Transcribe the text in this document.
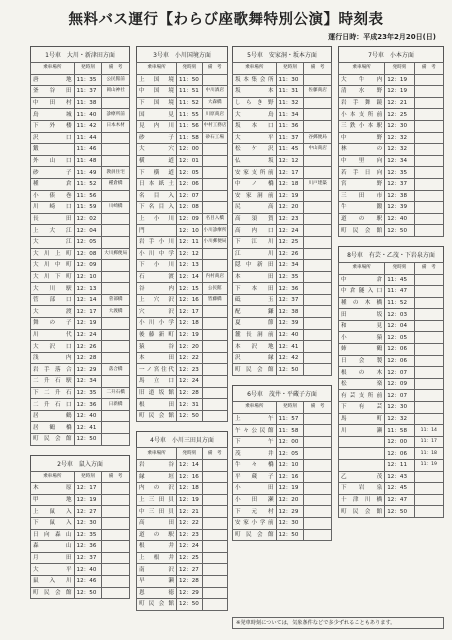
無料バス運行【わらび座歌舞特別公演】時刻表
運行日時：平成23年2月20日(日)
1号車　大川・新津田方面
乗車場所	発時刻	備　考
唐地	11：35	公民館前
釜谷田	11：37	岡山神社
中田村	11：38	
鳥　城	11：40	診療所前
下外楼	11：42	日本木材
沢　口	11：44	
鍛	11：46	
外山口	11：48	
砂　子	11：49	教員住宅
種　倉	11：52	種倉橋
小俵巻	11：56	
川崎口	11：59	川崎橋
長　田	12：02	
上大江	12：04	
大　江	12：05	
大川上町	12：08	大川郵便局
大川中町	12：09	
大川下町	12：10	
大川駅	12：13	
菅部口	12：14	菅部橋
大　渡	12：17	大渡橋
舞の子	12：19	
川　代	12：24	
大沢口	12：26	
浅　内	12：28	
岩手落合	12：29	落合橋
二升石駅	12：34	
下二升石	12：35	二升石橋
二升石口	12：36	日新橋
居　鶴	12：40	
居鶴橋	12：41	
町民会館	12：50	
2号車　鼠入方面
乗車場所	発時刻	備　考
木　原	12：17	
甲　地	12：19	
上鼠入	12：27	
下鼠入	12：30	
日向森山	12：35	
森　山	12：36	
月　田	12：37	
大　平	12：40	
鼠入川	12：46	
町民会館	12：50	
3号車　小川国境方面
乗車場所	発時刻	備　考
上国境	11：50	
中国境	11：51	中川酒店
下国境	11：52	大森橋
国　見	11：55	川原商店
見内川	11：56	中村工務店
砂　子	11：58	砂石工場
大　穴	12：00	
横　道	12：01	
下横道	12：05	
日本紙土	12：06	
名目入	12：07	
下名目入	12：08	
上小川	12：09	名目入橋
門	12：10	小川診療所
岩手小川	12：11	小川郵便局
小川中学	12：12	
下小川	12：13	
石　渡	12：14	内村商店
谷　内	12：15	公民館
上穴沢	12：16	皆藤橋
穴　沢	12：17	
小川小学	12：18	
後藤新町	12：19	
猿　谷	12：20	
本　田	12：22	
一ノ宮住代	12：23	
馬立口	12：24	
旧道坂館	12：28	
根　田	12：31	
町民会館	12：50	
4号車　小川三田貝方面
乗車場所	発時刻	備　考
岩　谷	12：14	
縁　垣	12：16	
内の沢	12：18	
上三田貝	12：19	
中三田貝	12：21	
高　田	12：22	
道の駅	12：23	
根　井	12：24	
上根井	12：25	
南　沢	12：27	
早　瀬	12：28	
恩　徳	12：29	
町民会館	12：50	
5号車　安家洞・坂本方面
乗車場所	発時刻	備　考
坂本集会所	11：30	
坂　本	11：31	佐藤商店
しらき野	11：32	
大　鳥	11：34	
坂本口	11：36	
大　平	11：37	谷郵便局
松ケ沢	11：45	中山商店
仏　坂	12：12	
安家支所前	12：17	
中ノ橋	12：18	川戸建築
安家洞前	12：19	
尻　高	12：20	
高須賀	12：23	
高内口	12：24	
下江川	12：25	
江　川	12：26	
隠中新田	12：34	
本　田	12：35	
下本田	12：36	
砥　玉	12：37	
配　鎌	12：38	
夏　節	12：39	
麓長洞前	12：40	
本沢地	12：41	
沢　縁	12：42	
町民会館	12：50	
6号車　茂井・平蔵子方面
乗車場所	発時刻	備　考
上　午	11：57	
午々公民館	11：58	
下　午	12：00	
茂　井	12：05	
牛々橋	12：10	
平蔵子	12：16	
小　田	12：19	
小田瀬	12：20	
下元村	12：29	
安家小学前	12：30	
町民会館	12：50	
7号車　小本方面
乗車場所	発時刻	備　考
大牛内	12：19	
清水野	12：19	
岩手舞鏡	12：21	
小本支所前	12：25	
三鉄小本駅	12：30	
中　野	12：32	
林　の	12：32	
中里向	12：34	
若手日向	12：35	
宮　野	12：37	
三田市	12：38	
牛　鍛	12：39	
道の駅	12：40	
町民会館	12：50	
8号車　有芸・乙茂・下岩泉方面
乗車場所	発時刻	備　考
中倉	11：45	
中倉隧入口	11：47	
種の木橋	11：52	
田　坂	12：03	
和　見	12：04	
小　猿	12：05	
姉　鶴	12：06	
日会製	12：06	
根の木	12：07	
松　楽	12：09	
有芸支所前	12：07	
下有芸	12：30	
馬　町	12：32	
川　瀬	11：58	11：14
	12：00	11：17
	12：06	11：18
	12：11	11：19
乙　茂	12：43	
下岩泉	12：45	
十津川橋	12：47	
町民会館	12：50	
※発車時刻については，気象条件などで多少ずれることもあります。
